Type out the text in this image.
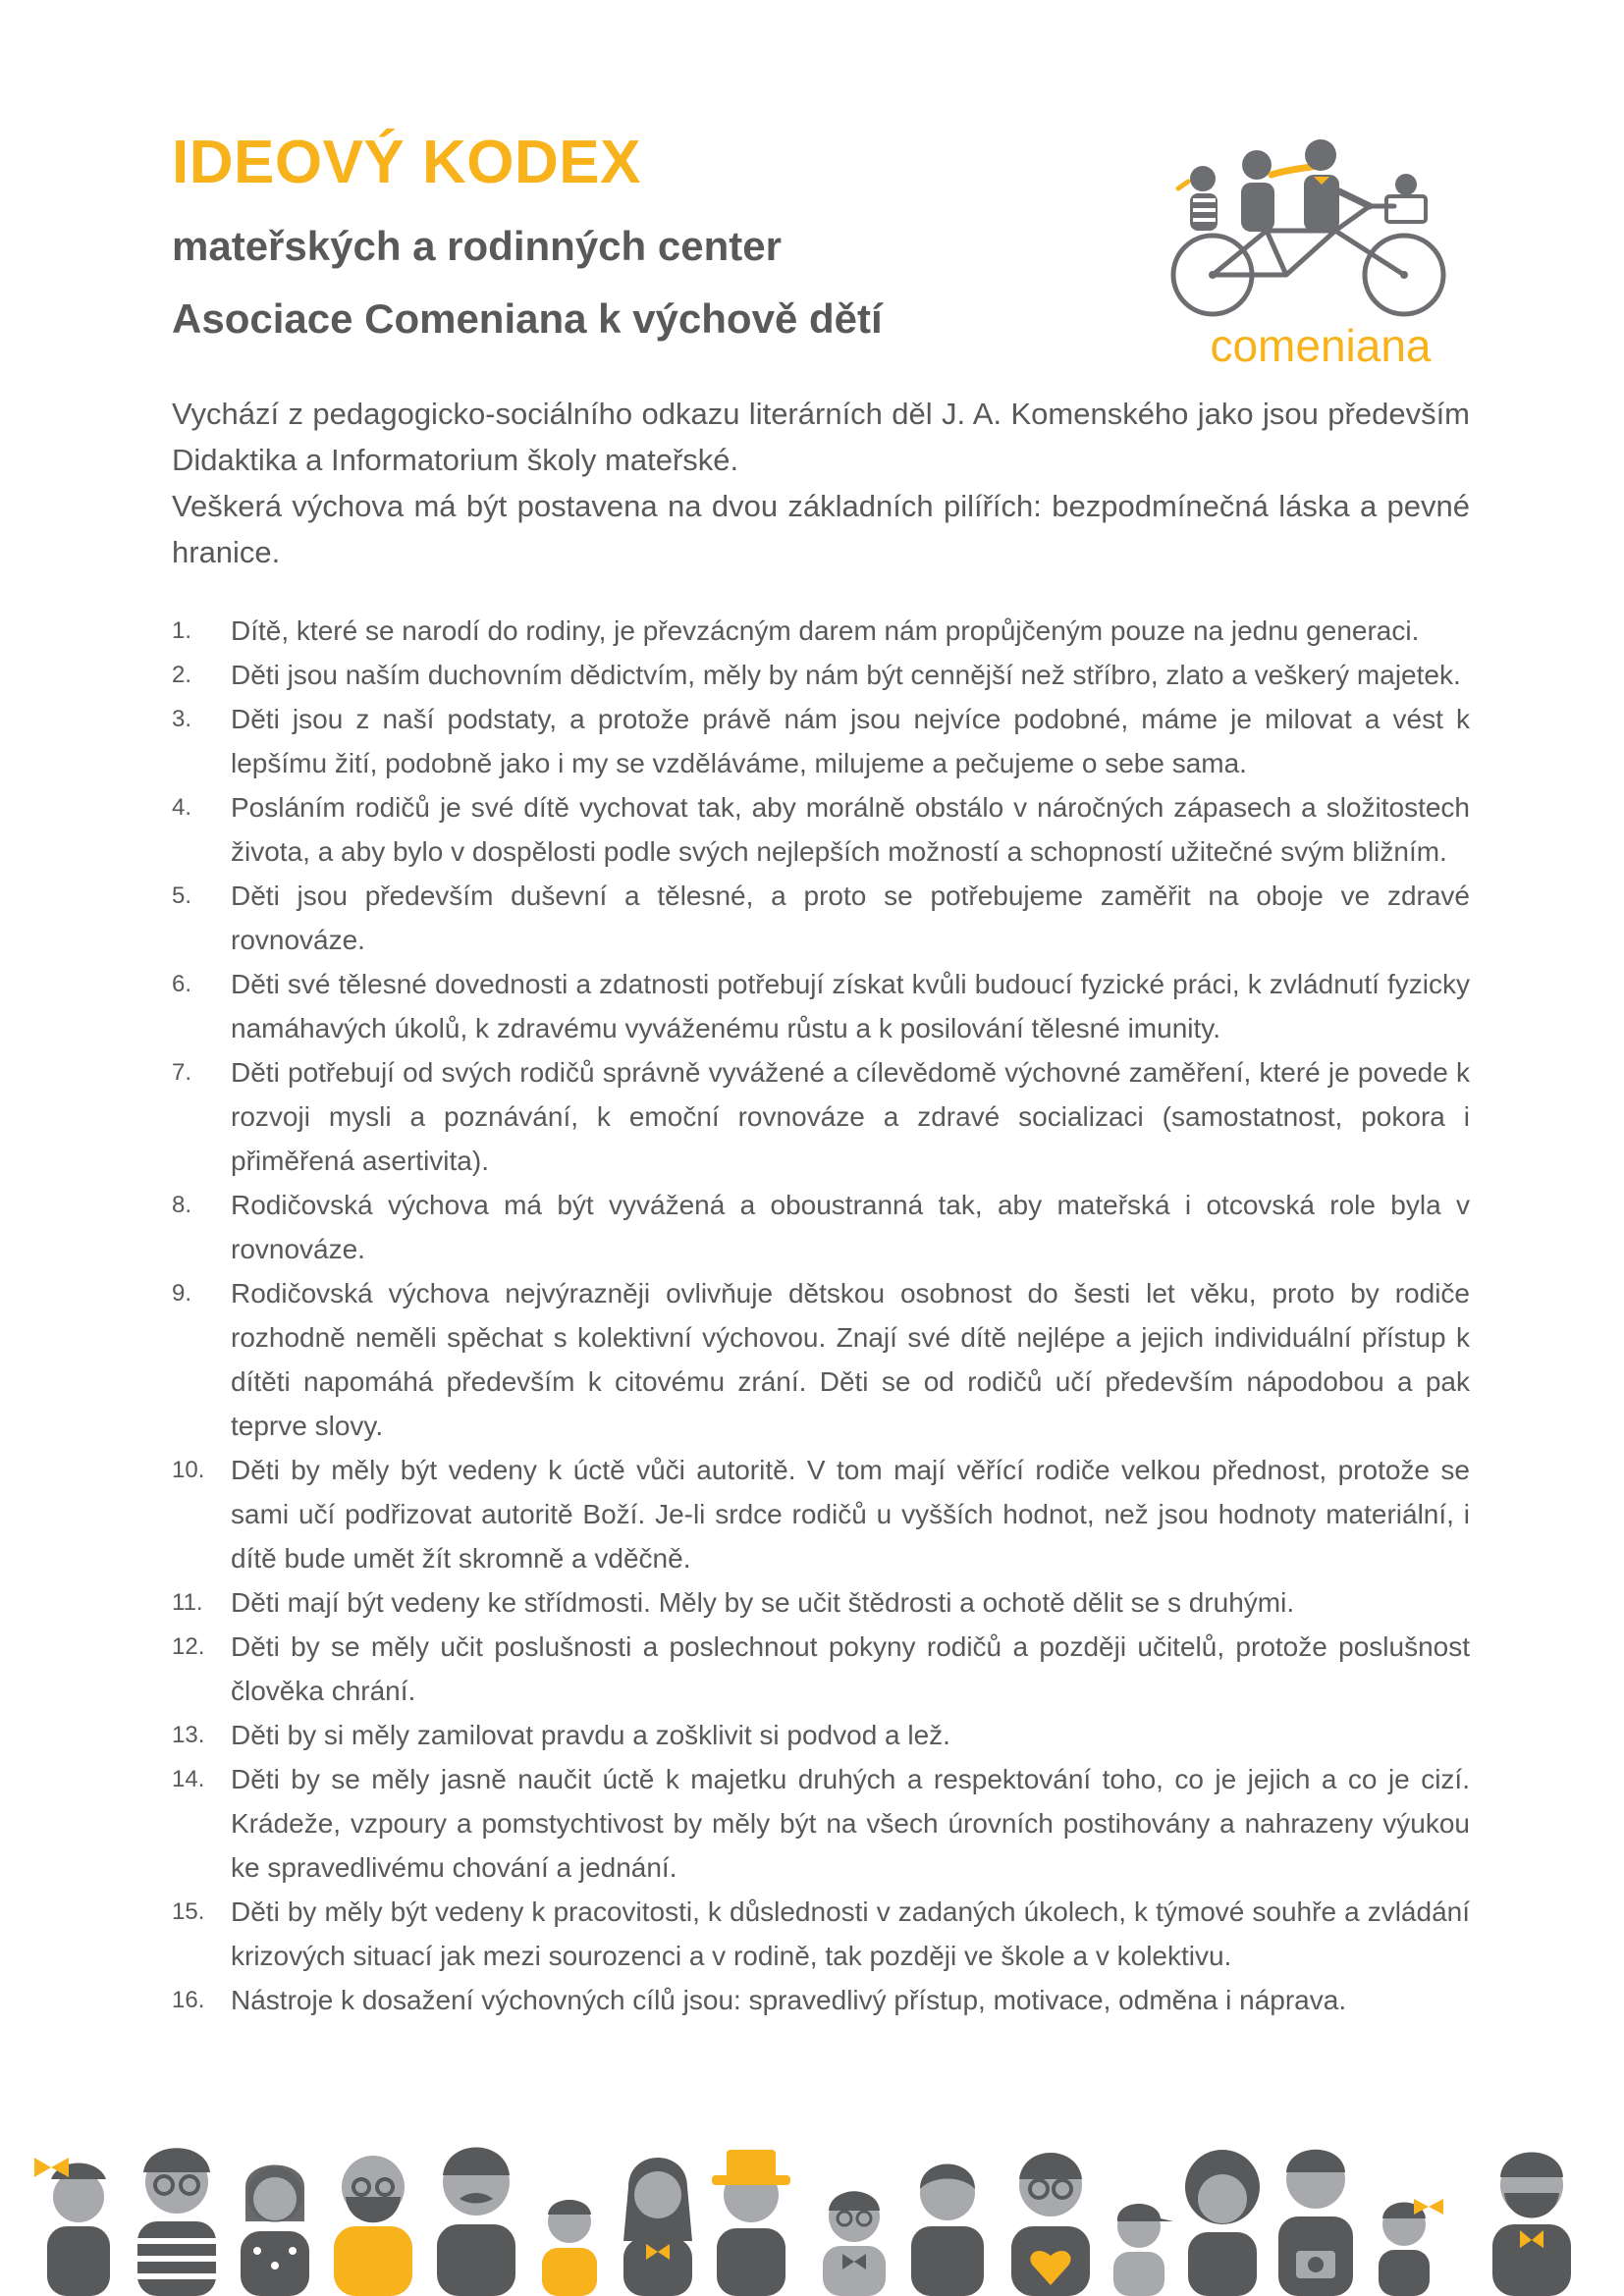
IDEOVÝ KODEX
mateřských a rodinných center
Asociace Comeniana k výchově dětí
comeniana

Vychází z pedagogicko-sociálního odkazu literárních děl J. A. Komenského jako jsou především Didaktika a Informatorium školy mateřské.

Veškerá výchova má být postavena na dvou základních pilířích: bezpodmínečná láska a pevné hranice.

1.	Dítě, které se narodí do rodiny, je převzácným darem nám propůjčeným pouze na jednu generaci.
2.	Děti jsou naším duchovním dědictvím, měly by nám být cennější než stříbro, zlato a veškerý majetek.
3.	Děti jsou z naší podstaty, a protože právě nám jsou nejvíce podobné, máme je milovat a vést k lepšímu žití, podobně jako i my se vzděláváme, milujeme a pečujeme o sebe sama.
4.	Posláním rodičů je své dítě vychovat tak, aby morálně obstálo v náročných zápasech a složitostech života, a aby bylo v dospělosti podle svých nejlepších možností a schopností užitečné svým bližním.
5.	Děti jsou především duševní a tělesné, a proto se potřebujeme zaměřit na oboje ve zdravé rovnováze.
6.	Děti své tělesné dovednosti a zdatnosti potřebují získat kvůli budoucí fyzické práci, k zvládnutí fyzicky namáhavých úkolů, k zdravému vyváženému růstu a k posilování tělesné imunity.
7.	Děti potřebují od svých rodičů správně vyvážené a cílevědomě výchovné zaměření, které je povede k rozvoji mysli a poznávání, k emoční rovnováze a zdravé socializaci (samostatnost, pokora i přiměřená asertivita).
8.	Rodičovská výchova má být vyvážená a oboustranná tak, aby mateřská i otcovská role byla v rovnováze.
9.	Rodičovská výchova nejvýrazněji ovlivňuje dětskou osobnost do šesti let věku, proto by rodiče rozhodně neměli spěchat s kolektivní výchovou. Znají své dítě nejlépe a jejich individuální přístup k dítěti napomáhá především k citovému zrání. Děti se od rodičů učí především nápodobou a pak teprve slovy.
10. Děti by měly být vedeny k úctě vůči autoritě. V tom mají věřící rodiče velkou přednost, protože se sami učí podřizovat autoritě Boží. Je-li srdce rodičů u vyšších hodnot, než jsou hodnoty materiální, i dítě bude umět žít skromně a vděčně.
11.	Děti mají být vedeny ke střídmosti. Měly by se učit štědrosti a ochotě dělit se s druhými.
12. Děti by se měly učit poslušnosti a poslechnout pokyny rodičů a později učitelů, protože poslušnost člověka chrání.
13. Děti by si měly zamilovat pravdu a zošklivit si podvod a lež.
14. Děti by se měly jasně naučit úctě k majetku druhých a respektování toho, co je jejich a co je cizí. Krádeže, vzpoury a pomstychtivost by měly být na všech úrovních postihovány a nahrazeny výukou ke spravedlivému chování a jednání.
15. Děti by měly být vedeny k pracovitosti, k důslednosti v zadaných úkolech, k týmové souhře a zvládání krizových situací jak mezi sourozenci a v rodině, tak později ve škole a v kolektivu.
16. Nástroje k dosažení výchovných cílů jsou: spravedlivý přístup, motivace, odměna i náprava.
